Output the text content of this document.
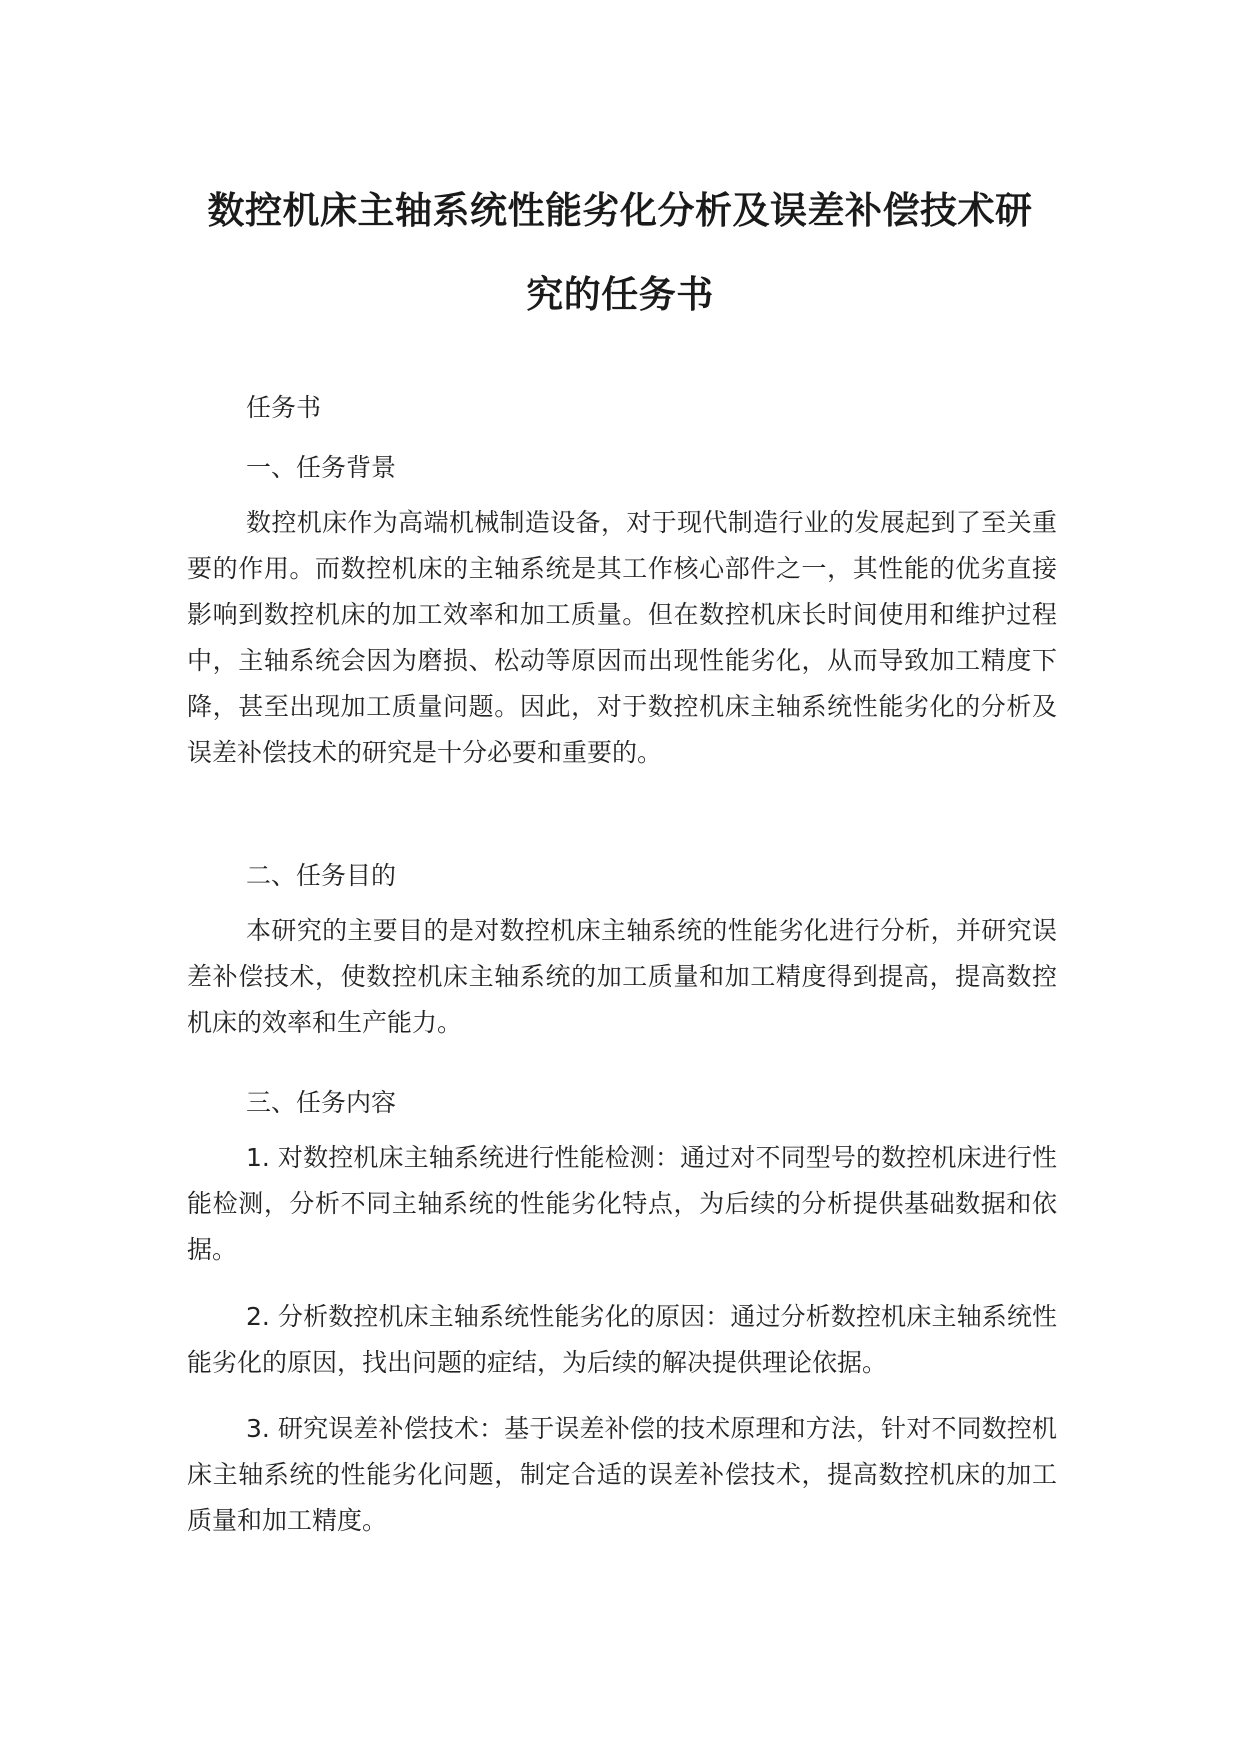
数控机床主轴系统性能劣化分析及误差补偿技术研
究的任务书
任务书
一、任务背景
数控机床作为高端机械制造设备，对于现代制造行业的发展起到了至关重要的作用。而数控机床的主轴系统是其工作核心部件之一，其性能的优劣直接影响到数控机床的加工效率和加工质量。但在数控机床长时间使用和维护过程中，主轴系统会因为磨损、松动等原因而出现性能劣化，从而导致加工精度下降，甚至出现加工质量问题。因此，对于数控机床主轴系统性能劣化的分析及误差补偿技术的研究是十分必要和重要的。
二、任务目的
本研究的主要目的是对数控机床主轴系统的性能劣化进行分析，并研究误差补偿技术，使数控机床主轴系统的加工质量和加工精度得到提高，提高数控机床的效率和生产能力。
三、任务内容
1. 对数控机床主轴系统进行性能检测：通过对不同型号的数控机床进行性能检测，分析不同主轴系统的性能劣化特点，为后续的分析提供基础数据和依据。
2. 分析数控机床主轴系统性能劣化的原因：通过分析数控机床主轴系统性能劣化的原因，找出问题的症结，为后续的解决提供理论依据。
3. 研究误差补偿技术：基于误差补偿的技术原理和方法，针对不同数控机床主轴系统的性能劣化问题，制定合适的误差补偿技术，提高数控机床的加工质量和加工精度。
